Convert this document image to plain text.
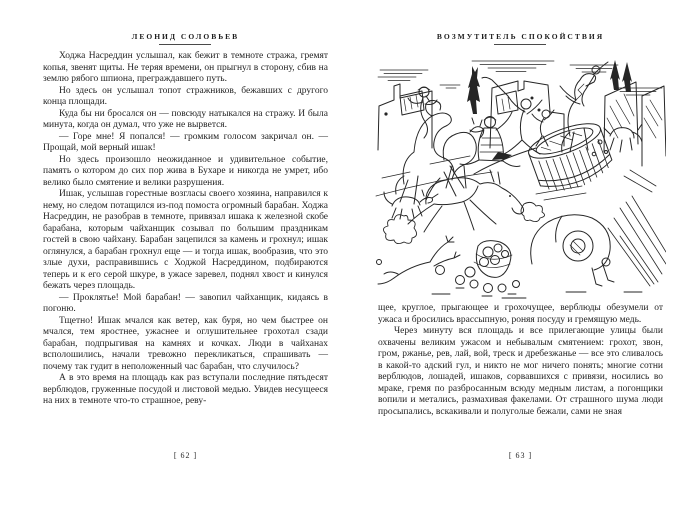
ЛЕОНИД СОЛОВЬЕВ

Ходжа Насреддин услышал, как бежит в темноте стража, гремят копья, звенят щиты. Не теряя времени, он прыгнул в сторону, сбив на землю рябого шпиона, преграждавшего путь.

Но здесь он услышал топот стражников, бежавших с другого конца площади.

Куда бы ни бросался он — повсюду натыкался на стражу. И была минута, когда он думал, что уже не вырвется.

— Горе мне! Я попался! — громким голосом закричал он. — Прощай, мой верный ишак!

Но здесь произошло неожиданное и удивительное событие, память о котором до сих пор жива в Бухаре и никогда не умрет, ибо велико было смятение и велики разрушения.

Ишак, услышав горестные возгласы своего хозяина, направился к нему, но следом потащился из-под помоста огромный барабан. Ходжа Насреддин, не разобрав в темноте, привязал ишака к железной скобе барабана, которым чайханщик созывал по большим праздникам гостей в свою чайхану. Барабан зацепился за камень и грохнул; ишак оглянулся, а барабан грохнул еще — и тогда ишак, вообразив, что это злые духи, расправившись с Ходжой Насреддином, подбираются теперь и к его серой шкуре, в ужасе заревел, поднял хвост и кинулся бежать через площадь.

— Проклятье! Мой барабан! — завопил чайханщик, кидаясь в погоню.

Тщетно! Ишак мчался как ветер, как буря, но чем быстрее он мчался, тем яростнее, ужаснее и оглушительнее грохотал сзади барабан, подпрыгивая на камнях и кочках. Люди в чайханах всполошились, начали тревожно перекликаться, спрашивать — почему так гудит в неположенный час барабан, что случилось?

А в это время на площадь как раз вступали последние пятьдесят верблюдов, груженные посудой и листовой медью. Увидев несущееся на них в темноте что-то страшное, реву-

[ 62 ]
ВОЗМУТИТЕЛЬ СПОКОЙСТВИЯ

щее, круглое, прыгающее и грохочущее, верблюды обезумели от ужаса и бросились врассыпную, роняя посуду и гремящую медь.

Через минуту вся площадь и все прилегающие улицы были охвачены великим ужасом и небывалым смятением: грохот, звон, гром, ржанье, рев, лай, вой, треск и дребезжанье — все это сливалось в какой-то адский гул, и никто не мог ничего понять; многие сотни верблюдов, лошадей, ишаков, сорвавшихся с привязи, носились во мраке, гремя по разбросанным всюду медным листам, а погонщики вопили и метались, размахивая факелами. От страшного шума люди просыпались, вскакивали и полуголые бежали, сами не зная

[ 63 ]
